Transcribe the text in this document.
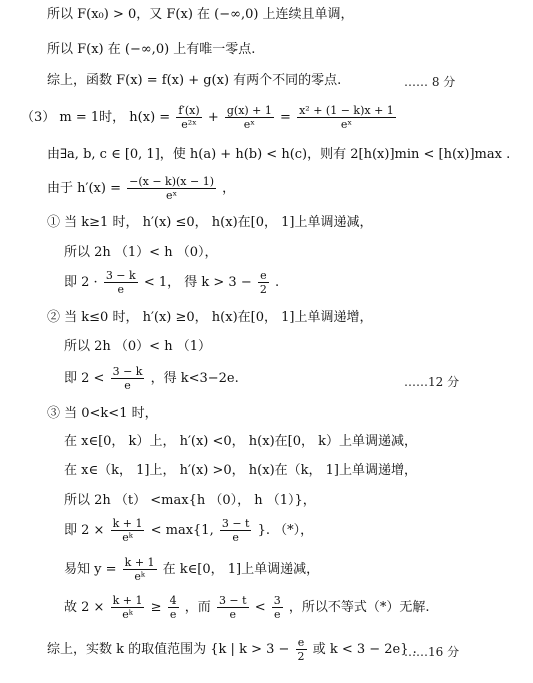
所以 F(x₀) > 0，又 F(x) 在 (−∞,0) 上连续且单调，
所以 F(x) 在 (−∞,0) 上有唯一零点.
综上，函数 F(x) = f(x) + g(x) 有两个不同的零点.	…… 8 分
（3） m = 1时， $h(x) = \frac{f'(x)}{\text{e²ˣ}} + \frac{g(x) + 1}{\text{eˣ}} = \frac{\text{x² + (1 − k)x + 1}}{\text{eˣ}}$
由∃a, b, c ∈ [0, 1]，使 h(a) + h(b) < h(c)，则有 2[h(x)]min < [h(x)]max .
由于 $h'(x) = \frac{-(x - k)(x - 1)}{\text{eˣ}}$ ，
① 当 k≥1 时， h′(x) ≤0， h(x)在[0， 1]上单调递减，
所以 2h （1）< h （0），
即 $2 \cdot \frac{3 - k}{e} < 1$， 得 $k > 3 - \frac{e}{2}$ .
② 当 k≤0 时， h′(x) ≥0， h(x)在[0， 1]上单调递增，
所以 2h （0）< h （1）
即 $2 < \frac{3 - k}{e}$ ，得 k<3−2e.	……12 分
③ 当 0<k<1 时，
在 x∈[0， k）上， h′(x) <0， h(x)在[0， k）上单调递减，
在 x∈（k， 1]上， h′(x) >0， h(x)在（k， 1]上单调递增，
所以 2h （t） <max{h （0）， h （1）}，
即 $2 \times \frac{k + 1}{\text{eᵏ}} < \max\{1$, $\frac{3 - t}{e}$ }. （*），
易知 $y = \frac{k + 1}{\text{eᵏ}}$ 在 k∈[0， 1]上单调递减，
故 $2 \times \frac{k + 1}{\text{eᵏ}} \ge \frac{4}{e}$ ，而 $\frac{3 - t}{e} < \frac{3}{e}$ ，所以不等式（*）无解.
综上，实数 k 的取值范围为 {k | $k > 3 - \frac{e}{2}$ 或 k < 3 − 2e} .
……16 分
